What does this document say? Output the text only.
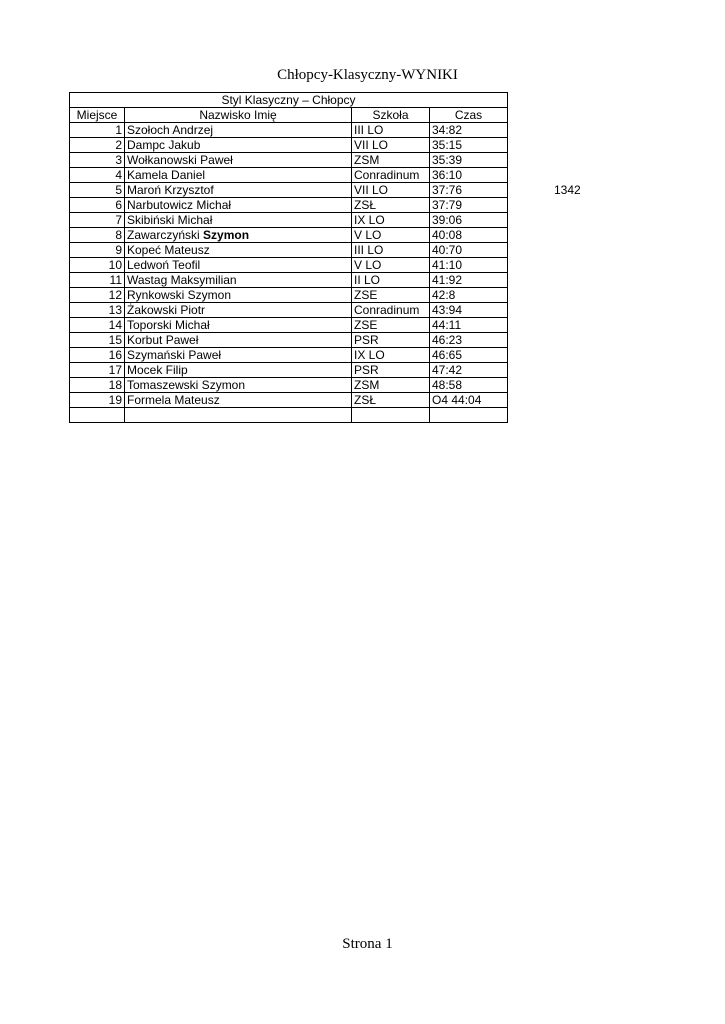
Chłopcy-Klasyczny-WYNIKI
Styl Klasyczny – Chłopcy			
Miejsce	Nazwisko Imię	Szkoła	Czas
1	Szołoch Andrzej	III LO	34:82
2	Dampc Jakub	VII LO	35:15
3	Wołkanowski Paweł	ZSM	35:39
4	Kamela Daniel	Conradinum	36:10
5	Maroń Krzysztof	VII LO	37:76
6	Narbutowicz Michał	ZSŁ	37:79
7	Skibiński Michał	IX LO	39:06
8	Zawarczyński Szymon	V LO	40:08
9	Kopeć Mateusz	III LO	40:70
10	Ledwoń Teofil	V LO	41:10
11	Wastag Maksymilian	II LO	41:92
12	Rynkowski Szymon	ZSE	42:8
13	Żakowski Piotr	Conradinum	43:94
14	Toporski Michał	ZSE	44:11
15	Korbut Paweł	PSR	46:23
16	Szymański Paweł	IX LO	46:65
17	Mocek Filip	PSR	47:42
18	Tomaszewski Szymon	ZSM	48:58
19	Formela Mateusz	ZSŁ	O4 44:04

1342
Strona 1
